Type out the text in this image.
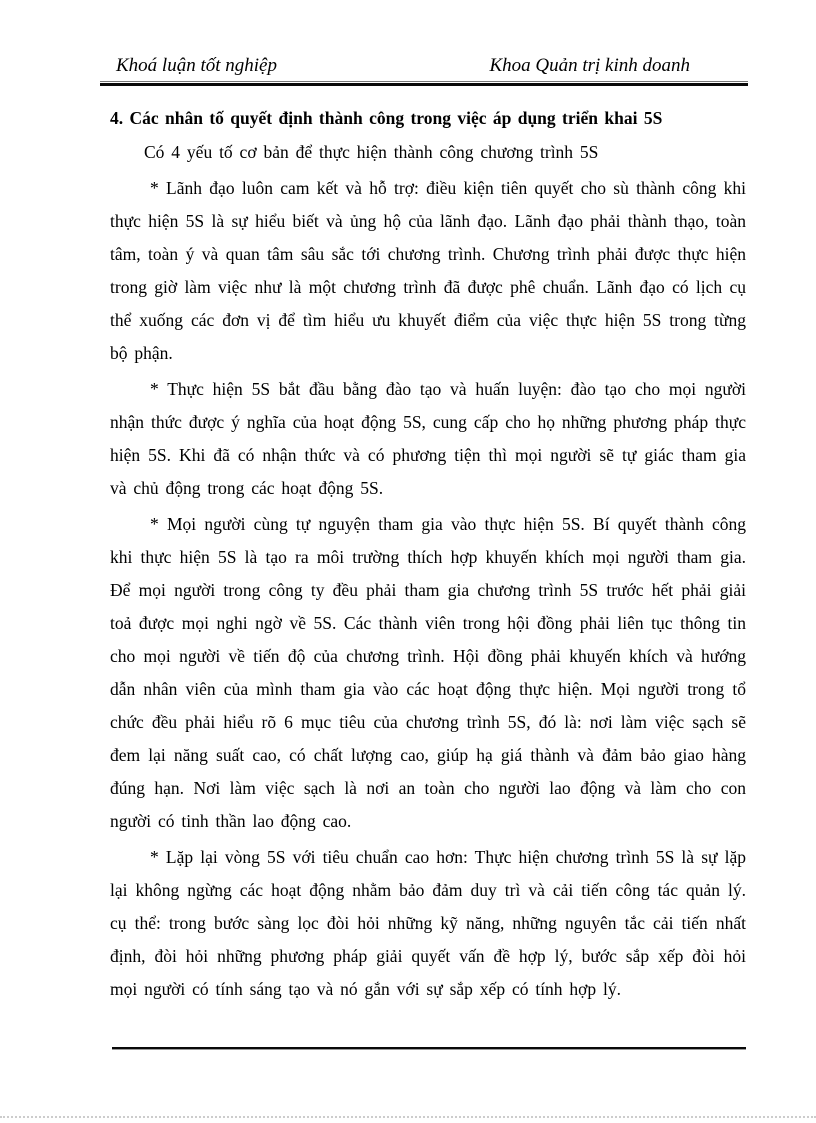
Khoá luận tốt nghiệp	Khoa Quản trị kinh doanh
4. Các nhân tố quyết định thành công trong việc áp dụng triển khai 5S

Có 4 yếu tố cơ bản để thực hiện thành công chương trình 5S

* Lãnh đạo luôn cam kết và hỗ trợ: điều kiện tiên quyết cho sù thành công khi thực hiện 5S là sự hiểu biết và ủng hộ của lãnh đạo. Lãnh đạo phải thành thạo, toàn tâm, toàn ý và quan tâm sâu sắc tới chương trình. Chương trình phải được thực hiện trong giờ làm việc như là một chương trình đã được phê chuẩn. Lãnh đạo có lịch cụ thể xuống các đơn vị để tìm hiểu ưu khuyết điểm của việc thực hiện 5S trong từng bộ phận.

* Thực hiện 5S bắt đầu bằng đào tạo và huấn luyện: đào tạo cho mọi người nhận thức được ý nghĩa của hoạt động 5S, cung cấp cho họ những phương pháp thực hiện 5S. Khi đã có nhận thức và có phương tiện thì mọi người sẽ tự giác tham gia và chủ động trong các hoạt động 5S.

* Mọi người cùng tự nguyện tham gia vào thực hiện 5S. Bí quyết thành công khi thực hiện 5S là tạo ra môi trường thích hợp khuyến khích mọi người tham gia. Để mọi người trong công ty đều phải tham gia chương trình 5S trước hết phải giải toả được mọi nghi ngờ về 5S. Các thành viên trong hội đồng phải liên tục thông tin cho mọi người về tiến độ của chương trình. Hội đồng phải khuyến khích và hướng dẫn nhân viên của mình tham gia vào các hoạt động thực hiện. Mọi người trong tổ chức đều phải hiểu rõ 6 mục tiêu của chương trình 5S, đó là: nơi làm việc sạch sẽ đem lại năng suất cao, có chất lượng cao, giúp hạ giá thành và đảm bảo giao hàng đúng hạn. Nơi làm việc sạch là nơi an toàn cho người lao động và làm cho con người có tinh thần lao động cao.

* Lặp lại vòng 5S với tiêu chuẩn cao hơn: Thực hiện chương trình 5S là sự lặp lại không ngừng các hoạt động nhằm bảo đảm duy trì và cải tiến công tác quản lý. cụ thể: trong bước sàng lọc đòi hỏi những kỹ năng, những nguyên tắc cải tiến nhất định, đòi hỏi những phương pháp giải quyết vấn đề hợp lý, bước sắp xếp đòi hỏi mọi người có tính sáng tạo và nó gắn với sự sắp xếp có tính hợp lý.
